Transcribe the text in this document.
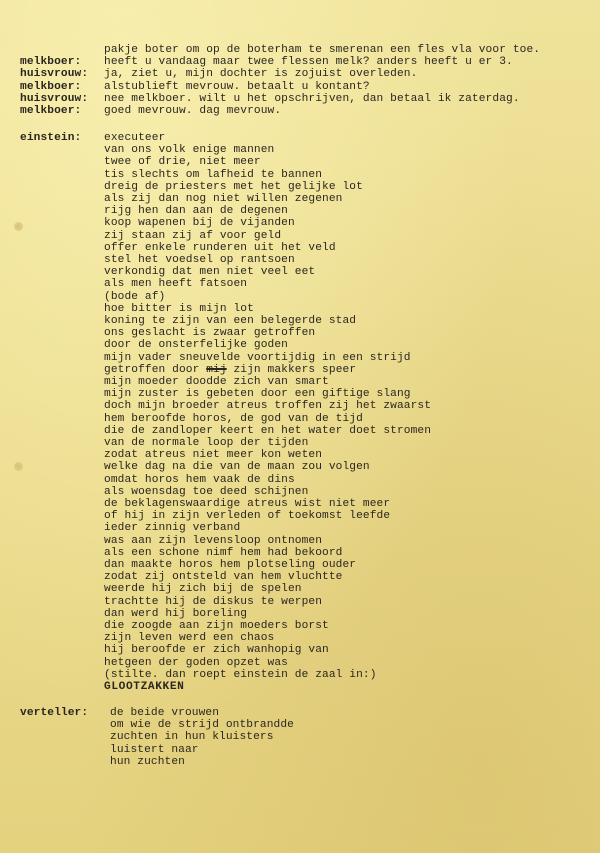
pakje boter om op de boterham te smerenan een fles vla voor toe.
melkboer: heeft u vandaag maar twee flessen melk? anders heeft u er 3.
huisvrouw: ja, ziet u, mijn dochter is zojuist overleden.
melkboer: alstublieft mevrouw. betaalt u kontant?
huisvrouw: nee melkboer. wilt u het opschrijven, dan betaal ik zaterdag.
melkboer: goed mevrouw. dag mevrouw.
einstein: executeer
van ons volk enige mannen
twee of drie, niet meer
tis slechts om lafheid te bannen
dreig de priesters met het gelijke lot
als zij dan nog niet willen zegenen
rijg hen dan aan de degenen
koop wapenen bij de vijanden
zij staan zij af voor geld
offer enkele runderen uit het veld
stel het voedsel op rantsoen
verkondig dat men niet veel eet
als men heeft fatsoen
(bode af)
hoe bitter is mijn lot
koning te zijn van een belegerde stad
ons geslacht is zwaar getroffen
door de onsterfelijke goden
mijn vader sneuvelde voortijdig in een strijd
getroffen door mij zijn makkers speer
mijn moeder doodde zich van smart
mijn zuster is gebeten door een giftige slang
doch mijn broeder atreus troffen zij het zwaarst
hem beroofde horos, de god van de tijd
die de zandloper keert en het water doet stromen
van de normale loop der tijden
zodat atreus niet meer kon weten
welke dag na die van de maan zou volgen
omdat horos hem vaak de dins
als woensdag toe deed schijnen
de beklagenswaardige atreus wist niet meer
of hij in zijn verleden of toekomst leefde
ieder zinnig verband
was aan zijn levensloop ontnomen
als een schone nimf hem had bekoord
dan maakte horos hem plotseling ouder
zodat zij ontsteld van hem vluchtte
weerde hij zich bij de spelen
trachtte hij de diskus te werpen
dan werd hij boreling
die zoogde aan zijn moeders borst
zijn leven werd een chaos
hij beroofde er zich wanhopig van
hetgeen der goden opzet was
(stilte. dan roept einstein de zaal in:)
GLOOTZAKKEN
verteller: de beide vrouwen
om wie de strijd ontbrandde
zuchten in hun kluisters
luistert naar
hun zuchten
